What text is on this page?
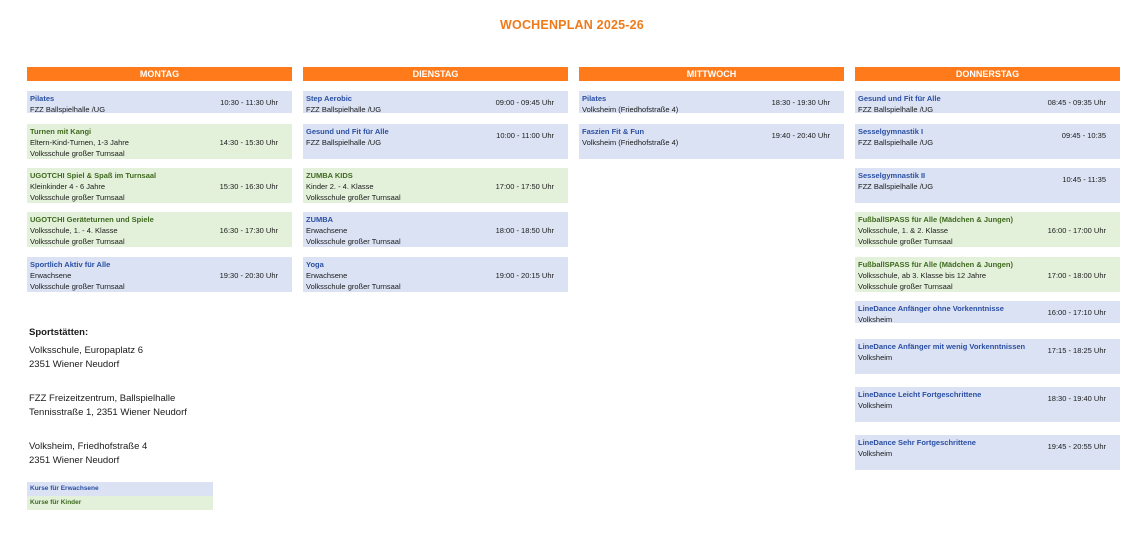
WOCHENPLAN 2025-26
MONTAG
Pilates
FZZ Ballspielhalle /UG
10:30 - 11:30 Uhr
Turnen mit Kangi
Eltern-Kind-Turnen, 1-3 Jahre
Volksschule großer Turnsaal
14:30 - 15:30 Uhr
UGOTCHI Spiel & Spaß im Turnsaal
Kleinkinder 4 - 6 Jahre
Volksschule großer Turnsaal
15:30 - 16:30 Uhr
UGOTCHI Geräteturnen und Spiele
Volksschule, 1. - 4. Klasse
Volksschule großer Turnsaal
16:30 - 17:30 Uhr
Sportlich Aktiv für Alle
Erwachsene
Volksschule großer Turnsaal
19:30 - 20:30 Uhr
DIENSTAG
Step Aerobic
FZZ Ballspielhalle /UG
09:00 - 09:45 Uhr
Gesund und Fit für Alle
FZZ Ballspielhalle /UG
10:00 - 11:00 Uhr
ZUMBA KIDS
Kinder 2. - 4. Klasse
Volksschule großer Turnsaal
17:00 - 17:50 Uhr
ZUMBA
Erwachsene
Volksschule großer Turnsaal
18:00 - 18:50 Uhr
Yoga
Erwachsene
Volksschule großer Turnsaal
19:00 - 20:15 Uhr
MITTWOCH
Pilates
Volksheim (Friedhofstraße 4)
18:30 - 19:30 Uhr
Faszien Fit & Fun
Volksheim (Friedhofstraße 4)
19:40 - 20:40 Uhr
DONNERSTAG
Gesund und Fit für Alle
FZZ Ballspielhalle /UG
08:45 - 09:35 Uhr
Sesselgymnastik I
FZZ Ballspielhalle /UG
09:45 - 10:35
Sesselgymnastik II
FZZ Ballspielhalle /UG
10:45 - 11:35
FußballSPASS für Alle (Mädchen & Jungen)
Volksschule, 1. & 2. Klasse
Volksschule großer Turnsaal
16:00 - 17:00 Uhr
FußballSPASS für Alle (Mädchen & Jungen)
Volksschule, ab 3. Klasse bis 12 Jahre
Volksschule großer Turnsaal
17:00 - 18:00 Uhr
LineDance Anfänger ohne Vorkenntnisse
Volksheim
16:00 - 17:10 Uhr
LineDance Anfänger mit wenig Vorkenntnissen
Volksheim
17:15 - 18:25 Uhr
LineDance Leicht Fortgeschrittene
Volksheim
18:30 - 19:40 Uhr
LineDance Sehr Fortgeschrittene
Volksheim
19:45 - 20:55 Uhr
Sportstätten:
Volksschule, Europaplatz 6
2351 Wiener Neudorf
FZZ Freizeitzentrum, Ballspielhalle
Tennisstraße 1, 2351 Wiener Neudorf
Volksheim, Friedhofstraße 4
2351 Wiener Neudorf
Kurse für Erwachsene
Kurse für Kinder
